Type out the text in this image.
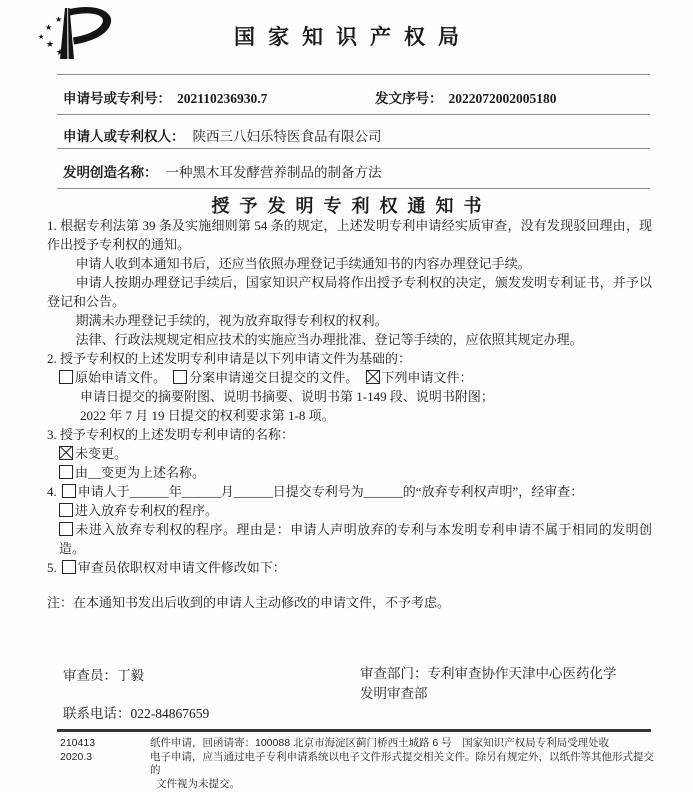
★
★
★
★
★
国家知识产权局
申请号或专利号： 202110236930.7	发文序号： 2022072002005180
申请人或专利权人： 陕西三八妇乐特医食品有限公司
发明创造名称： 一种黑木耳发酵营养制品的制备方法
授予发明专利权通知书

1. 根据专利法第 39 条及实施细则第 54 条的规定，上述发明专利申请经实质审查，没有发现驳回理由，现作出授予专利权的通知。

申请人收到本通知书后，还应当依照办理登记手续通知书的内容办理登记手续。

申请人按期办理登记手续后，国家知识产权局将作出授予专利权的决定，颁发发明专利证书，并予以登记和公告。

期满未办理登记手续的，视为放弃取得专利权的权利。

法律、行政法规规定相应技术的实施应当办理批准、登记等手续的，应依照其规定办理。

2. 授予专利权的上述发明专利申请是以下列申请文件为基础的：

原始申请文件。 分案申请递交日提交的文件。 下列申请文件：

申请日提交的摘要附图、说明书摘要、说明书第 1-149 段、说明书附图；

2022 年 7 月 19 日提交的权利要求第 1-8 项。

3. 授予专利权的上述发明专利申请的名称：

未变更。

由__变更为上述名称。

4. 申请人于______年______月______日提交专利号为______的“放弃专利权声明”，经审查：

进入放弃专利权的程序。

未进入放弃专利权的程序。理由是：申请人声明放弃的专利与本发明专利申请不属于相同的发明创造。

5. 审查员依职权对申请文件修改如下：

注：在本通知书发出后收到的申请人主动修改的申请文件，不予考虑。

审查员：丁毅	审查部门：专利审查协作天津中心医药化学
发明审查部
联系电话：022-84867659
210413
2020.3
纸件申请，回函请寄：100088 北京市海淀区蓟门桥西土城路 6 号　国家知识产权局专利局受理处收
电子申请，应当通过电子专利申请系统以电子文件形式提交相关文件。除另有规定外，以纸件等其他形式提交的
文件视为未提交。
